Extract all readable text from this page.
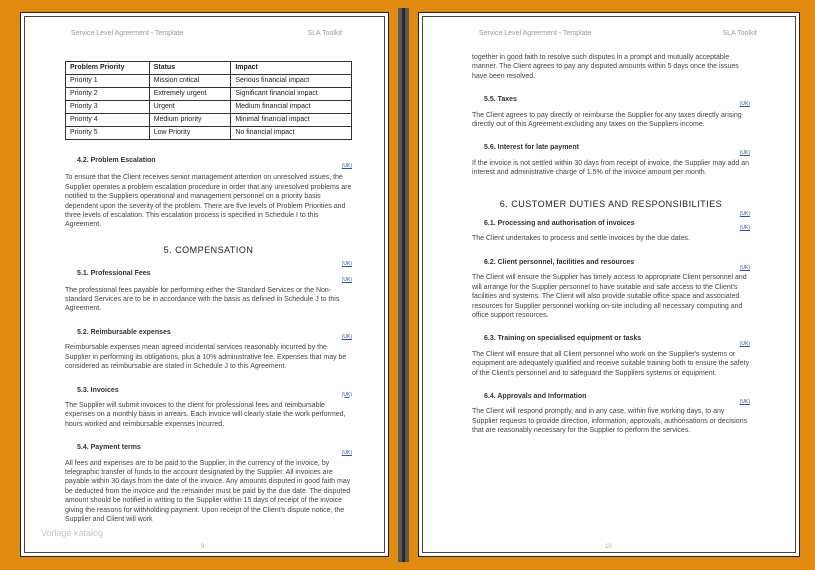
Service Level Agreement - Template	SLA Toolkit
Problem Priority	Status	Impact
Priority 1	Mission critical	Serious financial impact
Priority 2	Extremely urgent	Significant financial impact
Priority 3	Urgent	Medium financial impact
Priority 4	Medium priority	Minimal financial impact
Priority 5	Low Priority	No financial impact
4.2. Problem Escalation
(UK)

To ensure that the Client receives senior management attention on unresolved issues, the Supplier operates a problem escalation procedure in order that any unresolved problems are notified to the Suppliers operational and management personnel on a priority basis dependent upon the severity of the problem. There are five levels of Problem Priorities and three levels of escalation. This escalation process is specified in Schedule I to this Agreement.

5. COMPENSATION
(UK)
5.1. Professional Fees
(UK)

The professional fees payable for performing either the Standard Services or the Non-standard Services are to be in accordance with the basis as defined in Schedule J to this Agreement.

5.2. Reimbursable expenses
(UK)

Reimbursable expenses mean agreed incidental services reasonably incurred by the Supplier in performing its obligations, plus a 10% administrative fee. Expenses that may be considered as reimbursable are stated in Schedule J to this Agreement.

5.3. Invoices
(UK)

The Supplier will submit invoices to the client for professional fees and reimbursable expenses on a monthly basis in arrears. Each invoice will clearly state the work performed, hours worked and reimbursable expenses incurred.

5.4. Payment terms
(UK)

All fees and expenses are to be paid to the Supplier, in the currency of the invoice, by telegraphic transfer of funds to the account designated by the Supplier. All invoices are payable within 30 days from the date of the invoice. Any amounts disputed in good faith may be deducted from the invoice and the remainder must be paid by the due date. The disputed amount should be notified in writing to the Supplier within 15 days of receipt of the invoice giving the reasons for withholding payment. Upon receipt of the Client's dispute notice, the Supplier and Client will work

Vorlage katalog
9
Service Level Agreement - Template	SLA Toolkit

together in good faith to resolve such disputes in a prompt and mutually acceptable manner. The Client agrees to pay any disputed amounts within 5 days once the issues have been resolved.

5.5. Taxes
(UK)

The Client agrees to pay directly or reimburse the Supplier for any taxes directly arising directly out of this Agreement excluding any taxes on the Suppliers income.

5.6. Interest for late payment
(UK)

If the invoice is not settled within 30 days from receipt of invoice, the Supplier may add an interest and administrative charge of 1.5% of the invoice amount per month.

6. CUSTOMER DUTIES AND RESPONSIBILITIES
(UK)
6.1. Processing and authorisation of invoices
(UK)

The Client undertakes to process and settle invoices by the due dates.

6.2. Client personnel, facilities and resources
(UK)

The Client will ensure the Supplier has timely access to appropriate Client personnel and will arrange for the Supplier personnel to have suitable and safe access to the Client's facilities and systems. The Client will also provide suitable office space and associated resources for Supplier personnel working on-site including all necessary computing and office support resources.

6.3. Training on specialised equipment or tasks
(UK)

The Client will ensure that all Client personnel who work on the Supplier's systems or equipment are adequately qualified and receive suitable training both to ensure the safety of the Client's personnel and to safeguard the Suppliers systems or equipment.

6.4. Approvals and Information
(UK)

The Client will respond promptly, and in any case, within five working days, to any Supplier requests to provide direction, information, approvals, authorisations or decisions that are reasonably necessary for the Supplier to perform the services.

10
